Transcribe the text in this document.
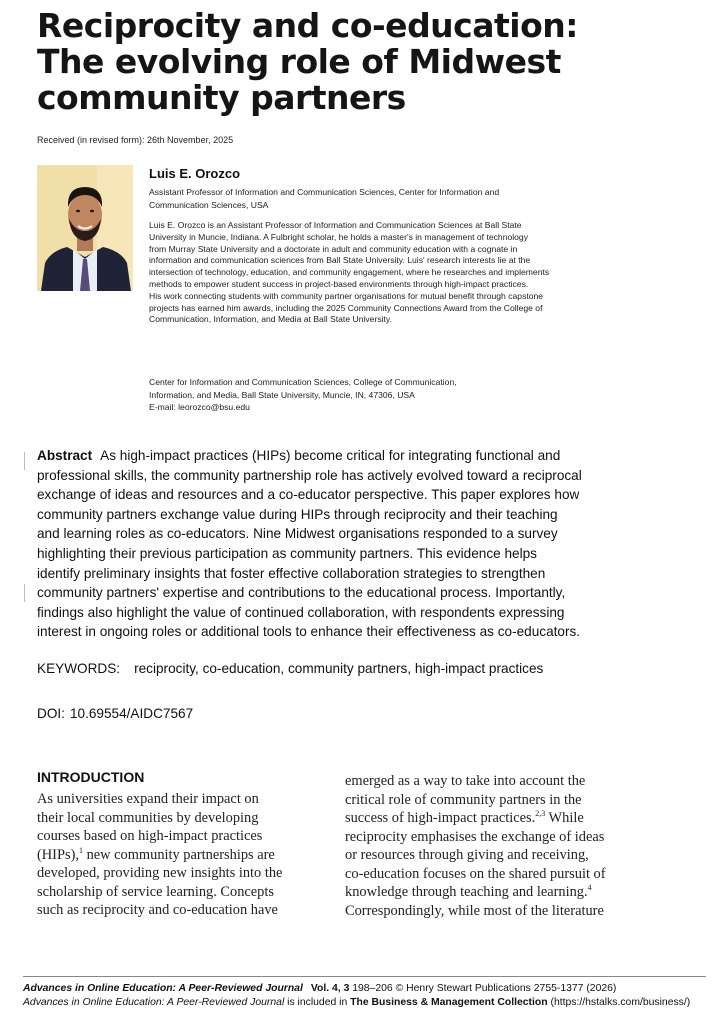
Reciprocity and co-education:
The evolving role of Midwest
community partners
Received (in revised form): 26th November, 2025
Luis E. Orozco
Assistant Professor of Information and Communication Sciences, Center for Information and
Communication Sciences, USA
Luis E. Orozco is an Assistant Professor of Information and Communication Sciences at Ball State
University in Muncie, Indiana. A Fulbright scholar, he holds a master's in management of technology
from Murray State University and a doctorate in adult and community education with a cognate in
information and communication sciences from Ball State University. Luis' research interests lie at the
intersection of technology, education, and community engagement, where he researches and implements
methods to empower student success in project-based environments through high-impact practices.
His work connecting students with community partner organisations for mutual benefit through capstone
projects has earned him awards, including the 2025 Community Connections Award from the College of
Communication, Information, and Media at Ball State University.
Center for Information and Communication Sciences, College of Communication,
Information, and Media, Ball State University, Muncie, IN, 47306, USA
E-mail: leorozco@bsu.edu
Abstract As high-impact practices (HIPs) become critical for integrating functional and
professional skills, the community partnership role has actively evolved toward a reciprocal
exchange of ideas and resources and a co-educator perspective. This paper explores how
community partners exchange value during HIPs through reciprocity and their teaching
and learning roles as co-educators. Nine Midwest organisations responded to a survey
highlighting their previous participation as community partners. This evidence helps
identify preliminary insights that foster effective collaboration strategies to strengthen
community partners' expertise and contributions to the educational process. Importantly,
findings also highlight the value of continued collaboration, with respondents expressing
interest in ongoing roles or additional tools to enhance their effectiveness as co-educators.
KEYWORDS: reciprocity, co-education, community partners, high-impact practices
DOI: 10.69554/AIDC7567
INTRODUCTION
As universities expand their impact on
their local communities by developing
courses based on high-impact practices
(HIPs),$^1$ new community partnerships are
developed, providing new insights into the
scholarship of service learning. Concepts
such as reciprocity and co-education have
emerged as a way to take into account the
critical role of community partners in the
success of high-impact practices.$^{2,3}$ While
reciprocity emphasises the exchange of ideas
or resources through giving and receiving,
co-education focuses on the shared pursuit of
knowledge through teaching and learning.$^4$
Correspondingly, while most of the literature
Advances in Online Education: A Peer-Reviewed Journal Vol. 4, 3 198–206 © Henry Stewart Publications 2755-1377 (2026)
Advances in Online Education: A Peer-Reviewed Journal is included in The Business & Management Collection (https://hstalks.com/business/)
